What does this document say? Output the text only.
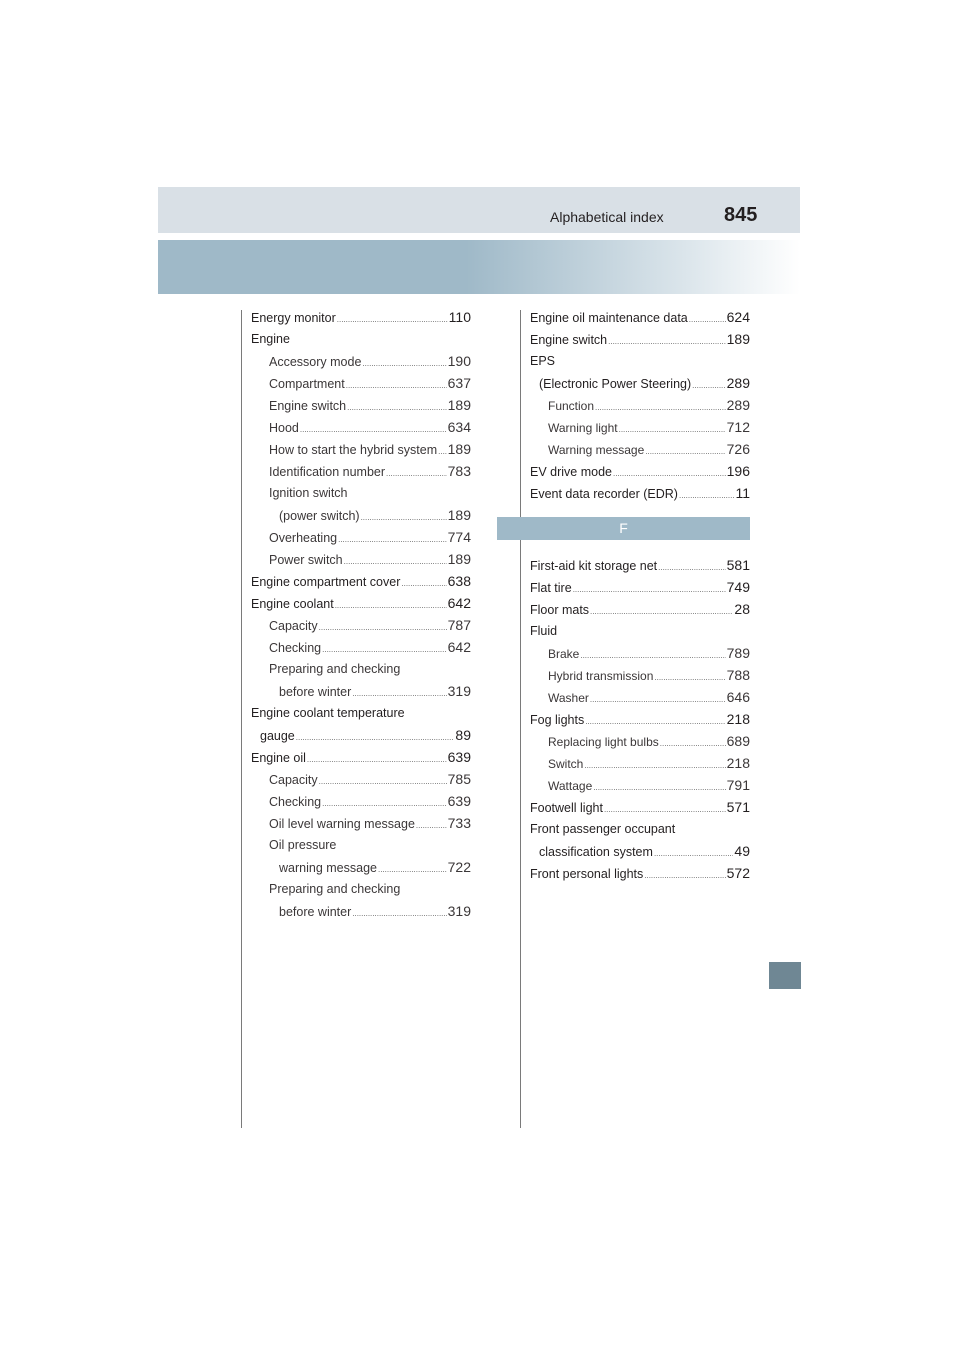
Alphabetical index	845
Energy monitor .....	110
Engine
Accessory mode .....	190
Compartment .....	637
Engine switch .....	189
Hood .....	634
How to start the hybrid system ..... 189
Identification number .....	783
Ignition switch
(power switch) .....	189
Overheating .....	774
Power switch .....	189
Engine compartment cover .....	638
Engine coolant .....	642
Capacity .....	787
Checking .....	642
Preparing and checking
before winter .....	319
Engine coolant temperature
gauge .....	89
Engine oil .....	639
Capacity .....	785
Checking .....	639
Oil level warning message ..... 733
Oil pressure
warning message .....	722
Preparing and checking
before winter .....	319
Engine oil maintenance data .....	624
Engine switch .....	189
EPS
(Electronic Power Steering) .....	289
Function .....	289
Warning light .....	712
Warning message .....	726
EV drive mode .....	196
Event data recorder (EDR) .....	11
F
First-aid kit storage net .....	581
Flat tire .....	749
Floor mats .....	28
Fluid
Brake .....	789
Hybrid transmission .....	788
Washer .....	646
Fog lights .....	218
Replacing light bulbs .....	689
Switch .....	218
Wattage .....	791
Footwell light .....	571
Front passenger occupant
classification system .....	49
Front personal lights .....	572
